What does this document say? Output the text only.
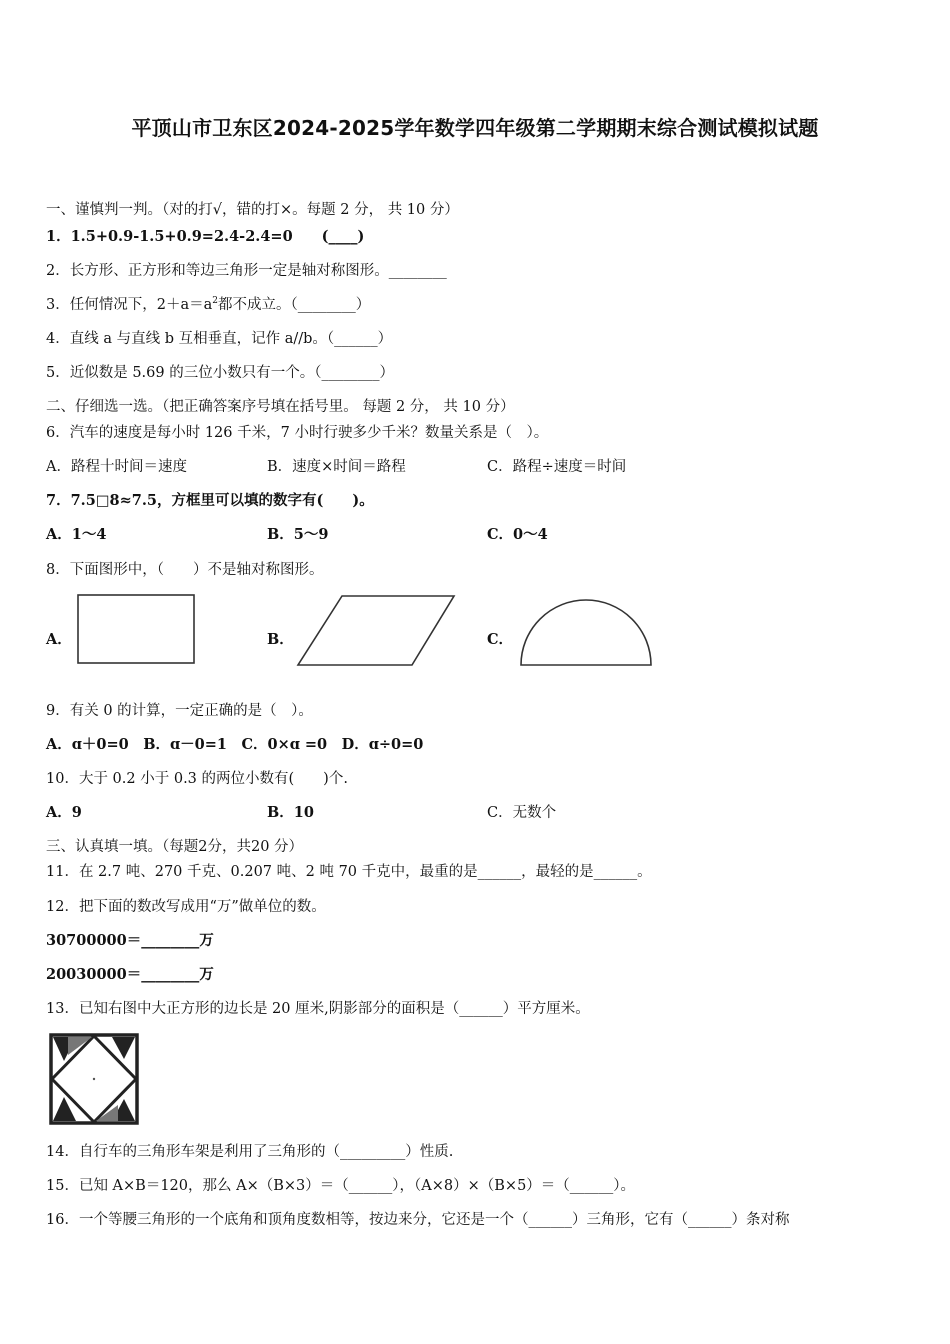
平顶山市卫东区2024-2025学年数学四年级第二学期期末综合测试模拟试题
一、谨慎判一判。（对的打√，错的打×。每题 2 分， 共 10 分）
1．1.5+0.9-1.5+0.9=2.4-2.4=0　　(____)
2．长方形、正方形和等边三角形一定是轴对称图形。________
3．任何情况下，$2+a=a^2$都不成立。（________）
4．直线 a 与直线 b 互相垂直，记作 a//b。（______）
5．近似数是 5.69 的三位小数只有一个。（________）
二、仔细选一选。（把正确答案序号填在括号里。 每题 2 分， 共 10 分）
6．汽车的速度是每小时 126 千米，7 小时行驶多少千米？数量关系是（　）。
A．路程十时间＝速度	B．速度×时间＝路程	C．路程÷速度＝时间
7．7.5□8≈7.5，方框里可以填的数字有(　　)。
A．1～4	B．5～9	C．0～4
8．下面图形中，（　　）不是轴对称图形。
A．	B．	C．
9．有关 0 的计算，一定正确的是（　）。
A．ɑ＋0=0　B．ɑ－0=1　C．0×ɑ =0　D．ɑ÷0=0
10．大于 0.2 小于 0.3 的两位小数有(　　)个.
A．9	B．10	C．无数个
三、认真填一填。（每题2分，共20 分）
11．在 2.7 吨、270 千克、0.207 吨、2 吨 70 千克中，最重的是______，最轻的是______。
12．把下面的数改写成用“万”做单位的数。
30700000＝________万
20030000＝________万
13．已知右图中大正方形的边长是 20 厘米,阴影部分的面积是（______）平方厘米。
14．自行车的三角形车架是利用了三角形的（_________）性质.
15．已知 A×B＝120，那么 A×（B×3）＝（______），（A×8）×（B×5）＝（______）。
16．一个等腰三角形的一个底角和顶角度数相等，按边来分，它还是一个（______）三角形，它有（______）条对称
